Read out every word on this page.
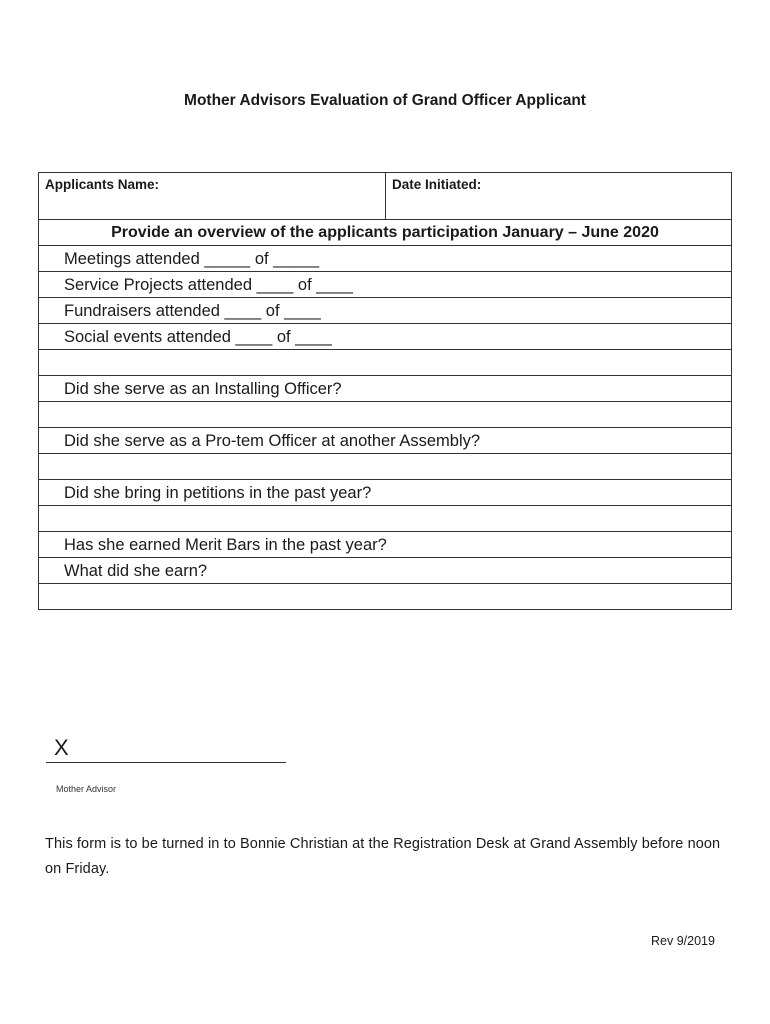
Mother Advisors Evaluation of Grand Officer Applicant
Applicants Name:	Date Initiated:
Provide an overview of the applicants participation January – June 2020
Meetings attended _____ of _____
Service Projects attended ____ of ____
Fundraisers attended ____ of ____
Social events attended ____ of ____
Did she serve as an Installing Officer?
Did she serve as a Pro-tem Officer at another Assembly?
Did she bring in petitions in the past year?
Has she earned Merit Bars in the past year?
What did she earn?
X
Mother Advisor
This form is to be turned in to Bonnie Christian at the Registration Desk at Grand Assembly before noon on Friday.
Rev 9/2019
